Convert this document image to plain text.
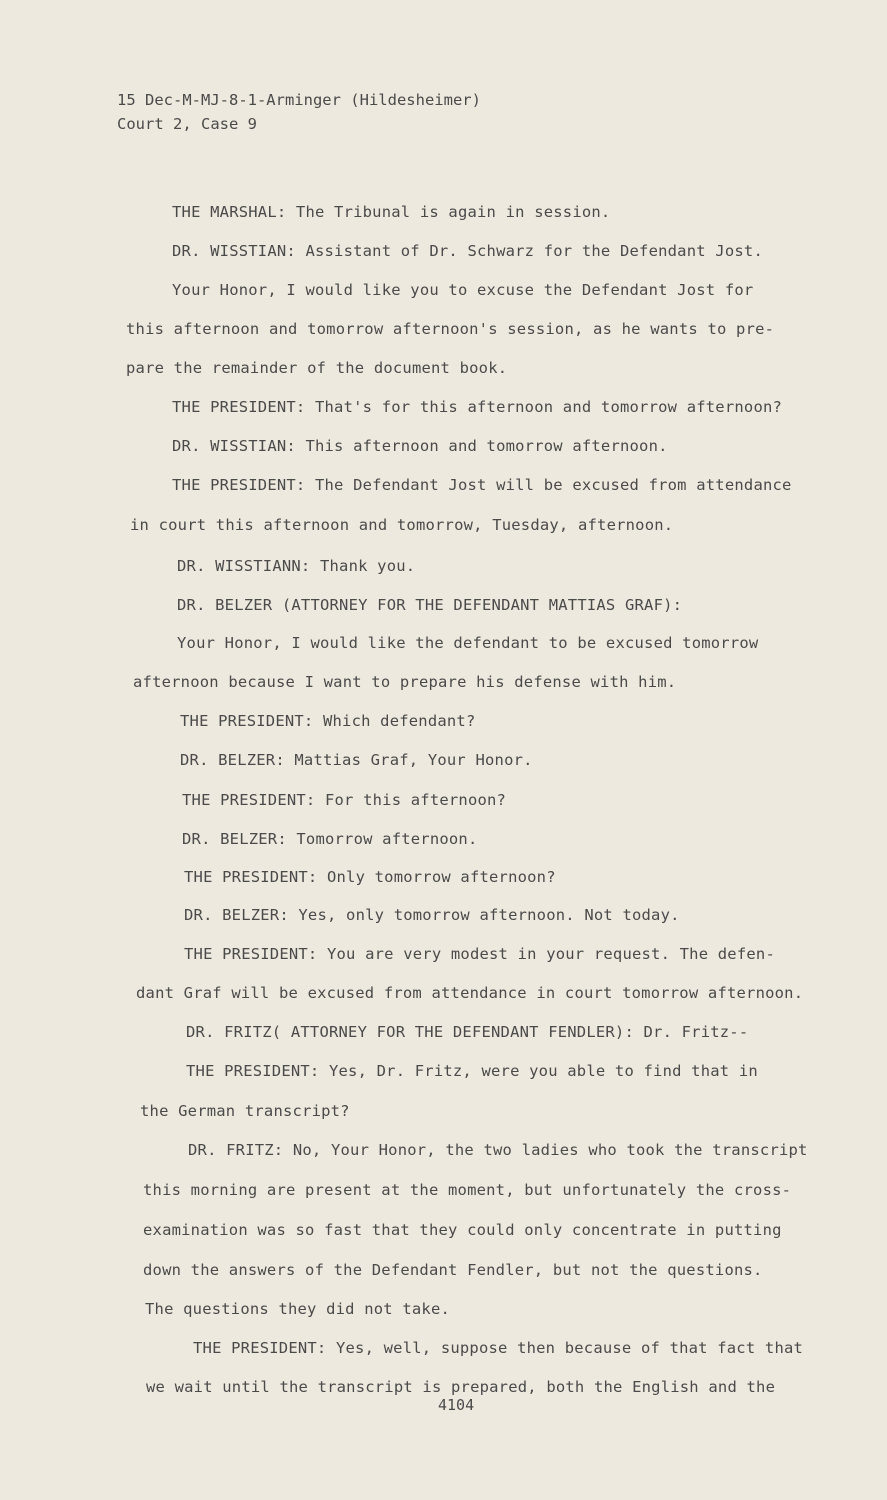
15 Dec-M-MJ-8-1-Arminger (Hildesheimer)
Court 2, Case 9
THE MARSHAL: The Tribunal is again in session.
DR. WISSTIAN: Assistant of Dr. Schwarz for the Defendant Jost.
Your Honor, I would like you to excuse the Defendant Jost for
this afternoon and tomorrow afternoon's session, as he wants to pre-
pare the remainder of the document book.
THE PRESIDENT: That's for this afternoon and tomorrow afternoon?
DR. WISSTIAN: This afternoon and tomorrow afternoon.
THE PRESIDENT: The Defendant Jost will be excused from attendance
in court this afternoon and tomorrow, Tuesday, afternoon.
DR. WISSTIANN: Thank you.
DR. BELZER (ATTORNEY FOR THE DEFENDANT MATTIAS GRAF):
Your Honor, I would like the defendant to be excused tomorrow
afternoon because I want to prepare his defense with him.
THE PRESIDENT: Which defendant?
DR. BELZER: Mattias Graf, Your Honor.
THE PRESIDENT: For this afternoon?
DR. BELZER: Tomorrow afternoon.
THE PRESIDENT: Only tomorrow afternoon?
DR. BELZER: Yes, only tomorrow afternoon. Not today.
THE PRESIDENT: You are very modest in your request. The defen-
dant Graf will be excused from attendance in court tomorrow afternoon.
DR. FRITZ( ATTORNEY FOR THE DEFENDANT FENDLER): Dr. Fritz--
THE PRESIDENT: Yes, Dr. Fritz, were you able to find that in
the German transcript?
DR. FRITZ: No, Your Honor, the two ladies who took the transcript
this morning are present at the moment, but unfortunately the cross-
examination was so fast that they could only concentrate in putting
down the answers of the Defendant Fendler, but not the questions.
The questions they did not take.
THE PRESIDENT: Yes, well, suppose then because of that fact that
we wait until the transcript is prepared, both the English and the
4104
